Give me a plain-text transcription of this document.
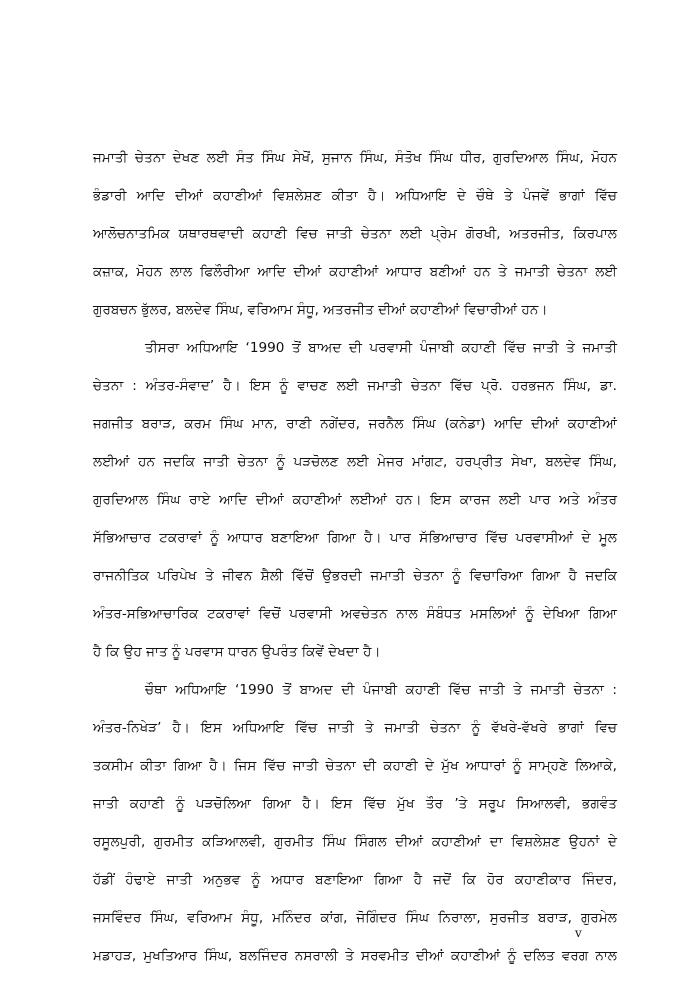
ਜਮਾਤੀ ਚੇਤਨਾ ਦੇਖਣ ਲਈ ਸੰਤ ਸਿੰਘ ਸੇਖੋਂ, ਸੁਜਾਨ ਸਿੰਘ, ਸੰਤੋਖ ਸਿੰਘ ਧੀਰ, ਗੁਰਦਿਆਲ ਸਿੰਘ, ਮੋਹਨ
ਭੰਡਾਰੀ ਆਦਿ ਦੀਆਂ ਕਹਾਣੀਆਂ ਵਿਸ਼ਲੇਸ਼ਣ ਕੀਤਾ ਹੈ। ਅਧਿਆਇ ਦੇ ਚੌਥੇ ਤੇ ਪੰਜਵੇਂ ਭਾਗਾਂ ਵਿੱਚ
ਆਲੋਚਨਾਤਮਿਕ ਯਥਾਰਥਵਾਦੀ ਕਹਾਣੀ ਵਿਚ ਜਾਤੀ ਚੇਤਨਾ ਲਈ ਪ੍ਰੇਮ ਗੋਰਖੀ, ਅਤਰਜੀਤ, ਕਿਰਪਾਲ
ਕਜ਼ਾਕ, ਮੋਹਨ ਲਾਲ ਫਿਲੌਰੀਆ ਆਦਿ ਦੀਆਂ ਕਹਾਣੀਆਂ ਆਧਾਰ ਬਣੀਆਂ ਹਨ ਤੇ ਜਮਾਤੀ ਚੇਤਨਾ ਲਈ
ਗੁਰਬਚਨ ਭੁੱਲਰ, ਬਲਦੇਵ ਸਿੰਘ, ਵਰਿਆਮ ਸੰਧੂ, ਅਤਰਜੀਤ ਦੀਆਂ ਕਹਾਣੀਆਂ ਵਿਚਾਰੀਆਂ ਹਨ।
ਤੀਸਰਾ ਅਧਿਆਇ ‘1990 ਤੋਂ ਬਾਅਦ ਦੀ ਪਰਵਾਸੀ ਪੰਜਾਬੀ ਕਹਾਣੀ ਵਿੱਚ ਜਾਤੀ ਤੇ ਜਮਾਤੀ
ਚੇਤਨਾ : ਅੰਤਰ-ਸੰਵਾਦ’ ਹੈ। ਇਸ ਨੂੰ ਵਾਚਣ ਲਈ ਜਮਾਤੀ ਚੇਤਨਾ ਵਿੱਚ ਪ੍ਰੋ. ਹਰਭਜਨ ਸਿੰਘ, ਡਾ.
ਜਗਜੀਤ ਬਰਾੜ, ਕਰਮ ਸਿੰਘ ਮਾਨ, ਰਾਣੀ ਨਗੇਂਦਰ, ਜਰਨੈਲ ਸਿੰਘ (ਕਨੇਡਾ) ਆਦਿ ਦੀਆਂ ਕਹਾਣੀਆਂ
ਲਈਆਂ ਹਨ ਜਦਕਿ ਜਾਤੀ ਚੇਤਨਾ ਨੂੰ ਪੜਚੋਲਣ ਲਈ ਮੇਜਰ ਮਾਂਗਟ, ਹਰਪ੍ਰੀਤ ਸੇਖਾ, ਬਲਦੇਵ ਸਿੰਘ,
ਗੁਰਦਿਆਲ ਸਿੰਘ ਰਾਏ ਆਦਿ ਦੀਆਂ ਕਹਾਣੀਆਂ ਲਈਆਂ ਹਨ। ਇਸ ਕਾਰਜ ਲਈ ਪਾਰ ਅਤੇ ਅੰਤਰ
ਸੱਭਿਆਚਾਰ ਟਕਰਾਵਾਂ ਨੂੰ ਆਧਾਰ ਬਣਾਇਆ ਗਿਆ ਹੈ। ਪਾਰ ਸੱਭਿਆਚਾਰ ਵਿੱਚ ਪਰਵਾਸੀਆਂ ਦੇ ਮੂਲ
ਰਾਜਨੀਤਿਕ ਪਰਿਪੇਖ ਤੇ ਜੀਵਨ ਸ਼ੈਲੀ ਵਿੱਚੋਂ ਉਭਰਦੀ ਜਮਾਤੀ ਚੇਤਨਾ ਨੂੰ ਵਿਚਾਰਿਆ ਗਿਆ ਹੈ ਜਦਕਿ
ਅੰਤਰ-ਸਭਿਆਚਾਰਿਕ ਟਕਰਾਵਾਂ ਵਿਚੋਂ ਪਰਵਾਸੀ ਅਵਚੇਤਨ ਨਾਲ ਸੰਬੰਧਤ ਮਸਲਿਆਂ ਨੂੰ ਦੇਖਿਆ ਗਿਆ
ਹੈ ਕਿ ਉਹ ਜਾਤ ਨੂੰ ਪਰਵਾਸ ਧਾਰਨ ਉਪਰੰਤ ਕਿਵੇਂ ਦੇਖਦਾ ਹੈ।
ਚੌਥਾ ਅਧਿਆਇ ‘1990 ਤੋਂ ਬਾਅਦ ਦੀ ਪੰਜਾਬੀ ਕਹਾਣੀ ਵਿੱਚ ਜਾਤੀ ਤੇ ਜਮਾਤੀ ਚੇਤਨਾ :
ਅੰਤਰ-ਨਿਖੇੜ’ ਹੈ। ਇਸ ਅਧਿਆਇ ਵਿੱਚ ਜਾਤੀ ਤੇ ਜਮਾਤੀ ਚੇਤਨਾ ਨੂੰ ਵੱਖਰੇ-ਵੱਖਰੇ ਭਾਗਾਂ ਵਿਚ
ਤਕਸੀਮ ਕੀਤਾ ਗਿਆ ਹੈ। ਜਿਸ ਵਿੱਚ ਜਾਤੀ ਚੇਤਨਾ ਦੀ ਕਹਾਣੀ ਦੇ ਮੁੱਖ ਆਧਾਰਾਂ ਨੂੰ ਸਾਮ੍ਹਣੇ ਲਿਆਕੇ,
ਜਾਤੀ ਕਹਾਣੀ ਨੂੰ ਪੜਚੋਲਿਆ ਗਿਆ ਹੈ। ਇਸ ਵਿੱਚ ਮੁੱਖ ਤੌਰ ’ਤੇ ਸਰੂਪ ਸਿਆਲਵੀ, ਭਗਵੰਤ
ਰਸੂਲਪੁਰੀ, ਗੁਰਮੀਤ ਕੜਿਆਲਵੀ, ਗੁਰਮੀਤ ਸਿੰਘ ਸਿੰਗਲ ਦੀਆਂ ਕਹਾਣੀਆਂ ਦਾ ਵਿਸ਼ਲੇਸ਼ਣ ਉਹਨਾਂ ਦੇ
ਹੱਡੀਂ ਹੰਢਾਏ ਜਾਤੀ ਅਨੁਭਵ ਨੂੰ ਅਧਾਰ ਬਣਾਇਆ ਗਿਆ ਹੈ ਜਦੋਂ ਕਿ ਹੋਰ ਕਹਾਣੀਕਾਰ ਜਿੰਦਰ,
ਜਸਵਿੰਦਰ ਸਿੰਘ, ਵਰਿਆਮ ਸੰਧੂ, ਮਨਿੰਦਰ ਕਾਂਗ, ਜੋਗਿੰਦਰ ਸਿੰਘ ਨਿਰਾਲਾ, ਸੁਰਜੀਤ ਬਰਾੜ, ਗੁਰਮੇਲ
ਮਡਾਹੜ, ਮੁਖਤਿਆਰ ਸਿੰਘ, ਬਲਜਿੰਦਰ ਨਸਰਾਲੀ ਤੇ ਸਰਵਮੀਤ ਦੀਆਂ ਕਹਾਣੀਆਂ ਨੂੰ ਦਲਿਤ ਵਰਗ ਨਾਲ
v
